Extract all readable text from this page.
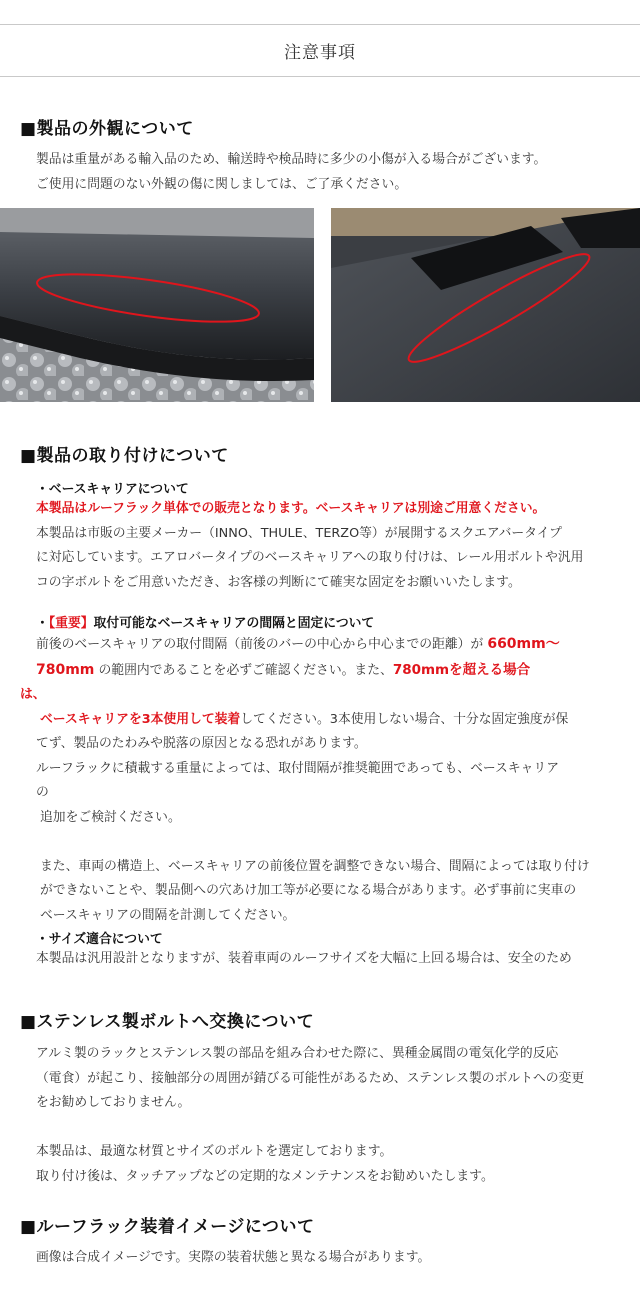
注意事項
■製品の外観について
製品は重量がある輸入品のため、輸送時や検品時に多少の小傷が入る場合がございます。
ご使用に問題のない外観の傷に関しましては、ご了承ください。
■製品の取り付けについて
・ベースキャリアについて
本製品はルーフラック単体での販売となります。ベースキャリアは別途ご用意ください。
本製品は市販の主要メーカー（INNO、THULE、TERZO等）が展開するスクエアバータイプ
に対応しています。エアロバータイプのベースキャリアへの取り付けは、レール用ボルトや汎用
コの字ボルトをご用意いただき、お客様の判断にて確実な固定をお願いいたします。
・【重要】取付可能なベースキャリアの間隔と固定について
前後のベースキャリアの取付間隔（前後のバーの中心から中心までの距離）が 660mm〜
780mm の範囲内であることを必ずご確認ください。また、780mmを超える場合
は、
ベースキャリアを3本使用して装着してください。3本使用しない場合、十分な固定強度が保
てず、製品のたわみや脱落の原因となる恐れがあります。
ルーフラックに積載する重量によっては、取付間隔が推奨範囲であっても、ベースキャリア
の
追加をご検討ください。
また、車両の構造上、ベースキャリアの前後位置を調整できない場合、間隔によっては取り付け
ができないことや、製品側への穴あけ加工等が必要になる場合があります。必ず事前に実車の
ベースキャリアの間隔を計測してください。
・サイズ適合について
本製品は汎用設計となりますが、装着車両のルーフサイズを大幅に上回る場合は、安全のため
■ステンレス製ボルトへ交換について
アルミ製のラックとステンレス製の部品を組み合わせた際に、異種金属間の電気化学的反応
（電食）が起こり、接触部分の周囲が錆びる可能性があるため、ステンレス製のボルトへの変更
をお勧めしておりません。
本製品は、最適な材質とサイズのボルトを選定しております。
取り付け後は、タッチアップなどの定期的なメンテナンスをお勧めいたします。
■ルーフラック装着イメージについて
画像は合成イメージです。実際の装着状態と異なる場合があります。
